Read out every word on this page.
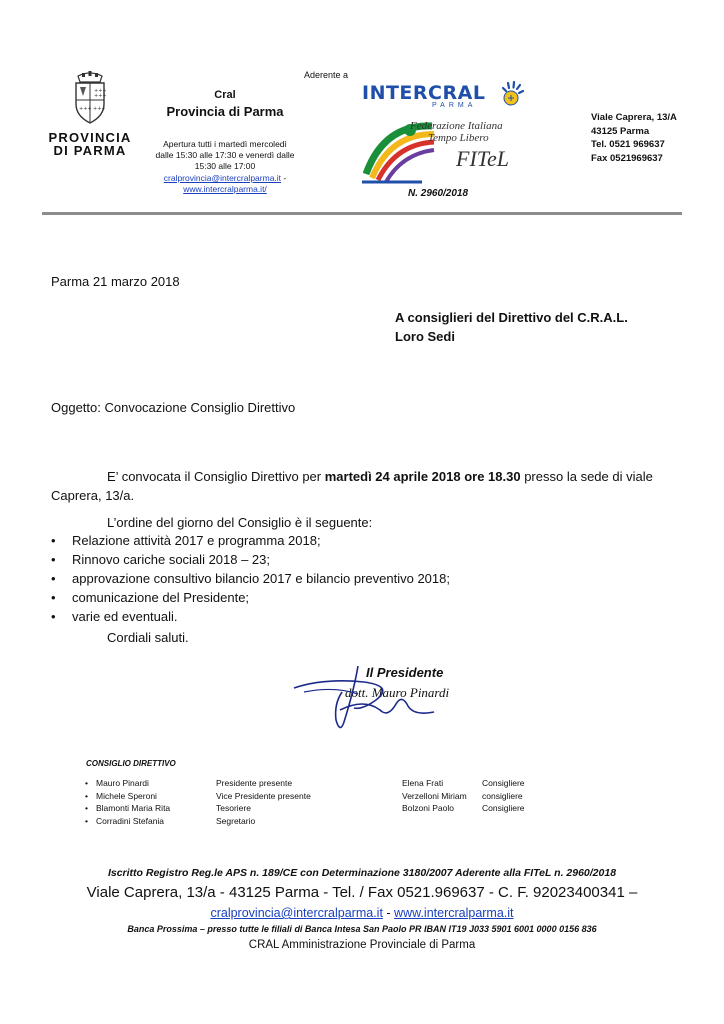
+++
+++
+++ +++
PROVINCIA
DI PARMA
Cral
Provincia di Parma
Apertura tutti i martedì mercoledì
dalle 15:30 alle 17:30 e venerdì dalle
15:30 alle 17:00
cralprovincia@intercralparma.it -
www.intercralparma.it/
Aderente a
INTERCRAL
PARMA
Federazione Italiana
Tempo Libero
FITeL
N. 2960/2018
Viale Caprera, 13/A
43125 Parma
Tel. 0521 969637
Fax 0521969637
Parma 21 marzo 2018
A consiglieri del Direttivo del C.R.A.L.
Loro Sedi
Oggetto: Convocazione Consiglio Direttivo
E’ convocata il Consiglio Direttivo per martedì 24 aprile 2018 ore 18.30 presso la sede di viale
Caprera, 13/a.
L’ordine del giorno del Consiglio è il seguente:
• Relazione attività 2017 e programma 2018;
• Rinnovo cariche sociali 2018 – 23;
• approvazione consultivo bilancio 2017 e bilancio preventivo 2018;
• comunicazione del Presidente;
• varie ed eventuali.
Cordiali saluti.
Il Presidente
dott. Mauro Pinardi
CONSIGLIO DIRETTIVO
• Mauro Pinardi	Presidente presente
• Michele Speroni	Vice Presidente presente
• Blamonti Maria Rita	Tesoriere
• Corradini Stefania	Segretario
Elena Frati	Consigliere
Verzelloni Miriam consigliere
Bolzoni Paolo	Consigliere
Iscritto Registro Reg.le APS n. 189/CE con Determinazione 3180/2007 Aderente alla FITeL n. 2960/2018
Viale Caprera, 13/a - 43125 Parma - Tel. / Fax 0521.969637 - C. F. 92023400341 –
cralprovincia@intercralparma.it - www.intercralparma.it
Banca Prossima – presso tutte le filiali di Banca Intesa San Paolo PR IBAN IT19 J033 5901 6001 0000 0156 836
CRAL Amministrazione Provinciale di Parma
